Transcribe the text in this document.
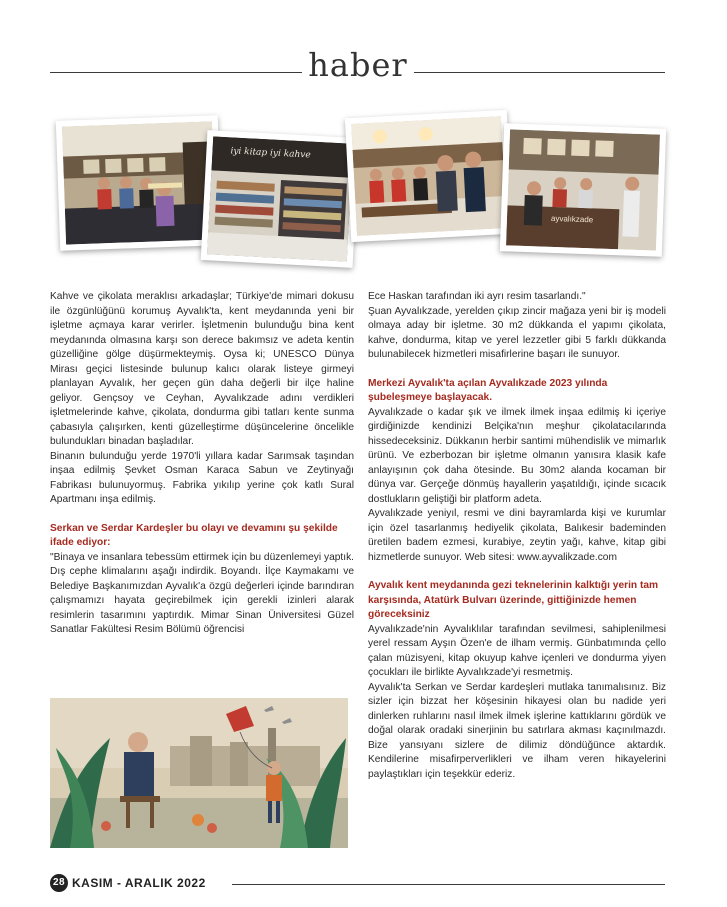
haber
iyi kitap iyi kahve
ayvalıkzade

Kahve ve çikolata meraklısı arkadaşlar; Türkiye'de mimari dokusu ile özgünlüğünü korumuş Ayvalık'ta, kent meydanında yeni bir işletme açmaya karar verirler. İşletmenin bulunduğu bina kent meydanında olmasına karşı son derece bakımsız ve adeta kentin güzelliğine gölge düşürmekteymiş. Oysa ki; UNESCO Dünya Mirası geçici listesinde bulunup kalıcı olarak listeye girmeyi planlayan Ayvalık, her geçen gün daha değerli bir ilçe haline geliyor. Gençsoy ve Ceyhan, Ayvalıkzade adını verdikleri işletmelerinde kahve, çikolata, dondurma gibi tatları kente sunma çabasıyla çalışırken, kenti güzelleştirme düşüncelerine öncelikle bulundukları binadan başladılar.

Binanın bulunduğu yerde 1970'li yıllara kadar Sarımsak taşından inşaa edilmiş Şevket Osman Karaca Sabun ve Zeytinyağı Fabrikası bulunuyormuş. Fabrika yıkılıp yerine çok katlı Sural Apartmanı inşa edilmiş.

Serkan ve Serdar Kardeşler bu olayı ve devamını şu şekilde ifade ediyor:

"Binaya ve insanlara tebessüm ettirmek için bu düzenlemeyi yaptık. Dış cephe klimalarını aşağı indirdik. Boyandı. İlçe Kaymakamı ve Belediye Başkanımızdan Ayvalık'a özgü değerleri içinde barındıran çalışmamızı hayata geçirebilmek için gerekli izinleri alarak resimlerin tasarımını yaptırdık. Mimar Sinan Üniversitesi Güzel Sanatlar Fakültesi Resim Bölümü öğrencisi

Ece Haskan tarafından iki ayrı resim tasarlandı."

Şuan Ayvalıkzade, yerelden çıkıp zincir mağaza yeni bir iş modeli olmaya aday bir işletme. 30 m2 dükkanda el yapımı çikolata, kahve, dondurma, kitap ve yerel lezzetler gibi 5 farklı dükkanda bulunabilecek hizmetleri misafirlerine başarı ile sunuyor.

Merkezi Ayvalık'ta açılan Ayvalıkzade 2023 yılında şubeleşmeye başlayacak.

Ayvalıkzade o kadar şık ve ilmek ilmek inşaa edilmiş ki içeriye girdiğinizde kendinizi Belçika'nın meşhur çikolatacılarında hissedeceksiniz. Dükkanın herbir santimi mühendislik ve mimarlık ürünü. Ve ezberbozan bir işletme olmanın yanısıra klasik kafe anlayışının çok daha ötesinde. Bu 30m2 alanda kocaman bir dünya var. Gerçeğe dönmüş hayallerin yaşatıldığı, içinde sıcacık dostlukların geliştiği bir platform adeta.

Ayvalıkzade yeniyıl, resmi ve dini bayramlarda kişi ve kurumlar için özel tasarlanmış hediyelik çikolata, Balıkesir bademinden üretilen badem ezmesi, kurabiye, zeytin yağı, kahve, kitap gibi hizmetlerde sunuyor. Web sitesi: www.ayvalikzade.com

Ayvalık kent meydanında gezi teknelerinin kalktığı yerin tam karşısında, Atatürk Bulvarı üzerinde, gittiğinizde hemen göreceksiniz

Ayvalıkzade'nin Ayvalıklılar tarafından sevilmesi, sahiplenilmesi yerel ressam Ayşın Özen'e de ilham vermiş. Günbatımında çello çalan müzisyeni, kitap okuyup kahve içenleri ve dondurma yiyen çocukları ile birlikte Ayvalıkzade'yi resmetmiş.

Ayvalık'ta Serkan ve Serdar kardeşleri mutlaka tanımalısınız. Biz sizler için bizzat her köşesinin hikayesi olan bu nadide yeri dinlerken ruhlarını nasıl ilmek ilmek işlerine kattıklarını gördük ve doğal olarak oradaki sinerjinin bu satırlara akması kaçınılmazdı. Bize yansıyanı sizlere de dilimiz döndüğünce aktardık. Kendilerine misafirperverlikleri ve ilham veren hikayelerini paylaştıkları için teşekkür ederiz.

28 KASIM - ARALIK 2022
